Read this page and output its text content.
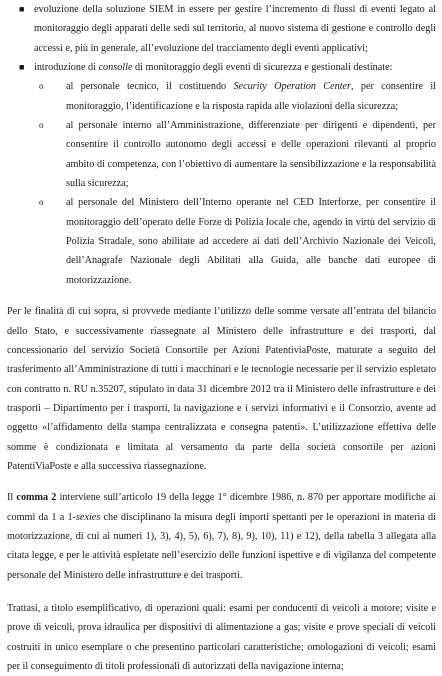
■ evoluzione della soluzione SIEM in essere per gestire l’incremento di flussi di eventi legato al monitoraggio degli apparati delle sedi sul territorio, al nuovo sistema di gestione e controllo degli accessi e, più in generale, all’evoluzione del tracciamento degli eventi applicativi;
■ introduzione di consolle di monitoraggio degli eventi di sicurezza e gestionali destinate:
o al personale tecnico, il costituendo Security Operation Center, per consentire il monitoraggio, l’identificazione e la risposta rapida alle violazioni della sicurezza;
o al personale interno all’Amministrazione, differenziate per dirigenti e dipendenti, per consentire il controllo autonomo degli accessi e delle operazioni rilevanti al proprio ambito di competenza, con l’obiettivo di aumentare la sensibilizzazione e la responsabilità sulla sicurezza;
o al personale del Ministero dell’Interno operante nel CED Interforze, per consentire il monitoraggio dell’operato delle Forze di Polizia locale che, agendo in virtù del servizio di Polizia Stradale, sono abilitate ad accedere ai dati dell’Archivio Nazionale dei Veicoli, dell’Anagrafe Nazionale degli Abilitati alla Guida, alle banche dati europee di motorizzazione.

Per le finalità di cui sopra, si provvede mediante l’utilizzo delle somme versate all’entrata del bilancio dello Stato, e successivamente riassegnate al Ministero delle infrastrutture e dei trasporti, dal concessionario del servizio Società Consortile per Azioni PatentiviaPoste, maturate a seguito del trasferimento all’Amministrazione di tutti i macchinari e le tecnologie necessarie per il servizio espletato con contratto n. RU n.35207, stipulato in data 31 dicembre 2012 tra il Ministero delle infrastrutture e dei trasporti – Dipartimento per i trasporti, la navigazione e i servizi informativi e il Consorzio, avente ad oggetto «l’affidamento della stampa centralizzata e consegna patenti». L’utilizzazione effettiva delle somme è condizionata e limitata al versamento da parte della società consortile per azioni PatentiViaPoste e alla successiva riassegnazione.

Il comma 2 interviene sull’articolo 19 della legge 1° dicembre 1986, n. 870 per apportare modifiche ai commi da 1 a 1-sexies che disciplinano la misura degli importi spettanti per le operazioni in materia di motorizzazione, di cui ai numeri 1), 3), 4), 5), 6), 7), 8), 9), 10), 11) e 12), della tabella 3 allegata alla citata legge, e per le attività espletate nell’esercizio delle funzioni ispettive e di vigilanza del competente personale del Ministero delle infrastrutture e dei trasporti.

Trattasi, a titolo esemplificativo, di operazioni quali: esami per conducenti di veicoli a motore; visite e prove di veicoli, prova idraulica per dispositivi di alimentazione a gas; visite e prove speciali di veicoli costruiti in unico esemplare o che presentino particolari caratteristiche; omologazioni di veicoli; esami per il conseguimento di titoli professionali di autorizzati della navigazione interna;
